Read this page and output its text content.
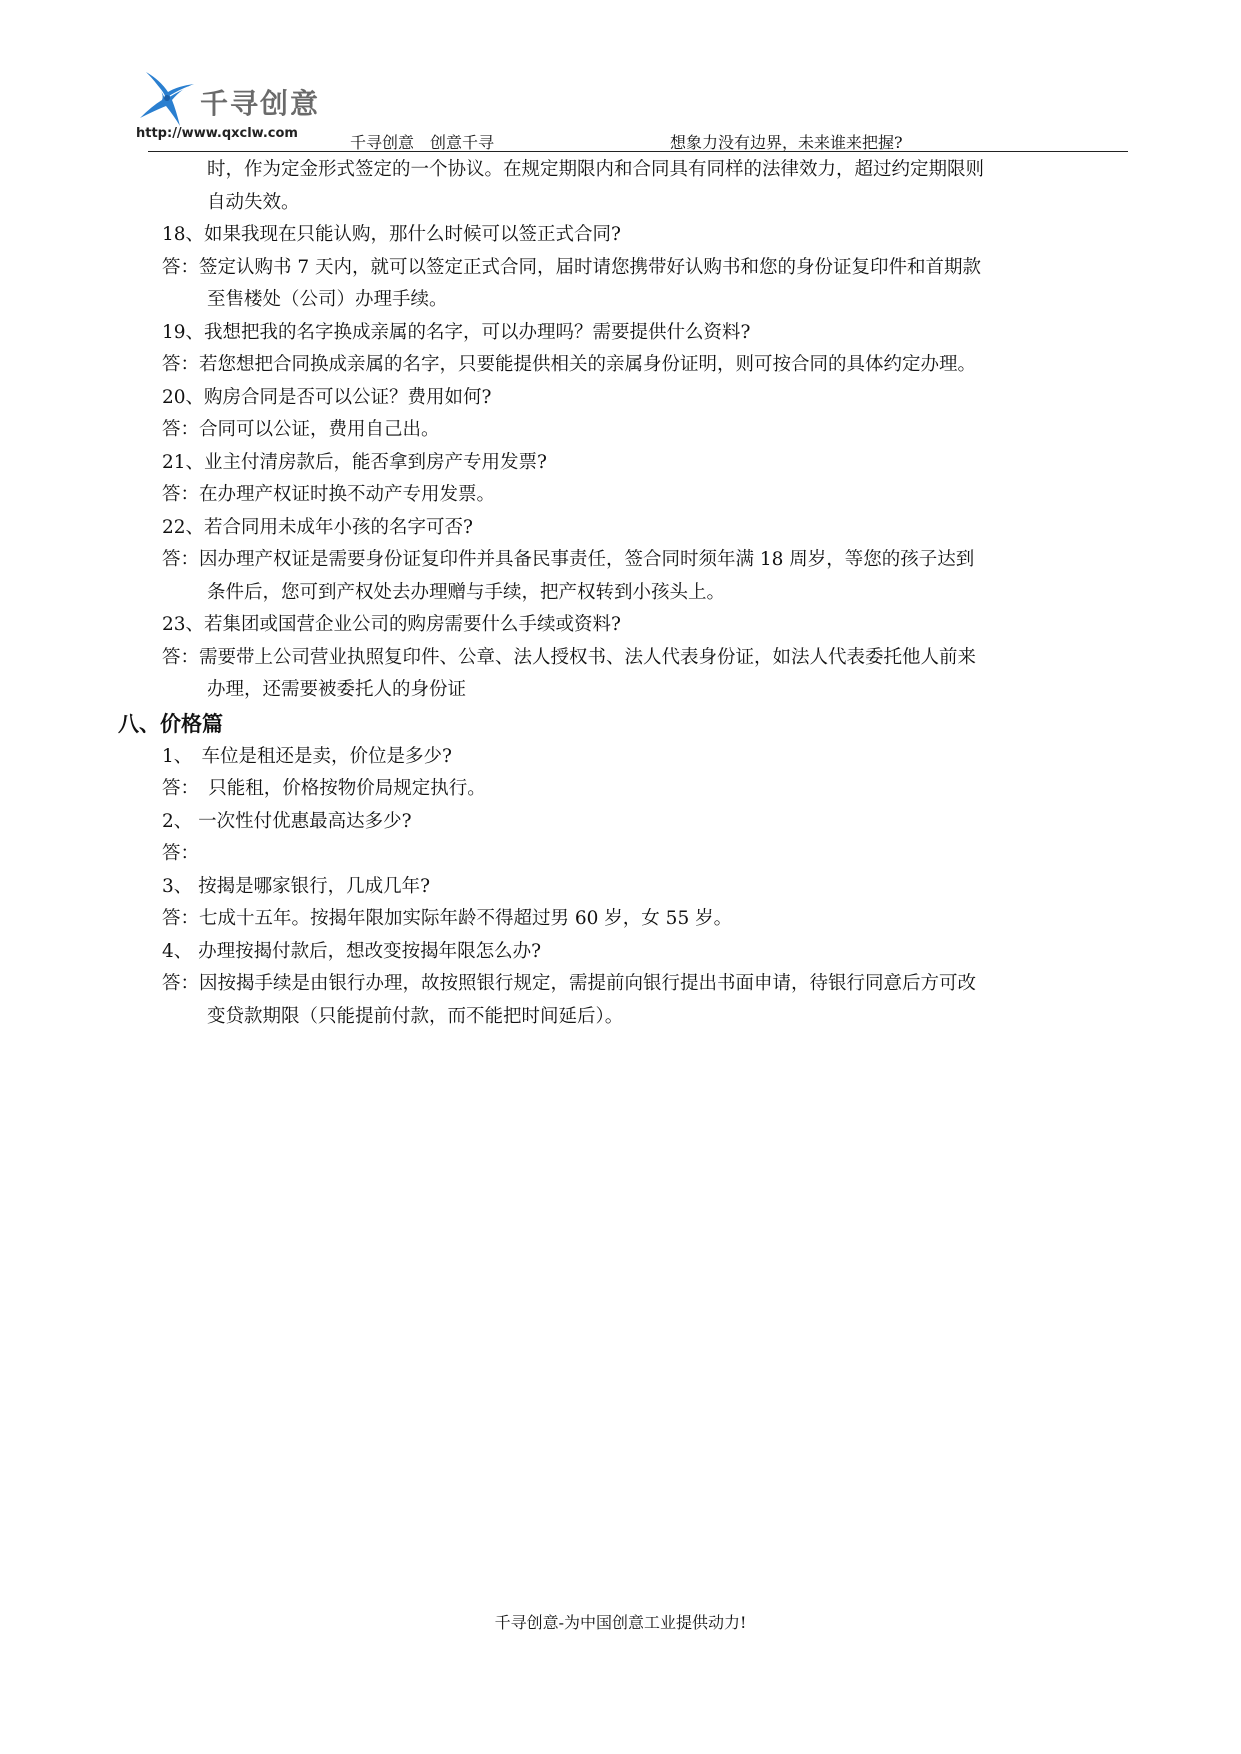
千寻创意
http://www.qxclw.com	千寻创意　创意千寻	想象力没有边界，未来谁来把握?
时，作为定金形式签定的一个协议。在规定期限内和合同具有同样的法律效力，超过约定期限则
自动失效。
18、如果我现在只能认购，那什么时候可以签正式合同?
答：签定认购书 7 天内，就可以签定正式合同，届时请您携带好认购书和您的身份证复印件和首期款
至售楼处（公司）办理手续。
19、我想把我的名字换成亲属的名字，可以办理吗？需要提供什么资料?
答：若您想把合同换成亲属的名字，只要能提供相关的亲属身份证明，则可按合同的具体约定办理。
20、购房合同是否可以公证？费用如何?
答：合同可以公证，费用自己出。
21、业主付清房款后，能否拿到房产专用发票?
答：在办理产权证时换不动产专用发票。
22、若合同用未成年小孩的名字可否?
答：因办理产权证是需要身份证复印件并具备民事责任，签合同时须年满 18 周岁，等您的孩子达到
条件后，您可到产权处去办理赠与手续，把产权转到小孩头上。
23、若集团或国营企业公司的购房需要什么手续或资料?
答：需要带上公司营业执照复印件、公章、法人授权书、法人代表身份证，如法人代表委托他人前来
办理，还需要被委托人的身份证
八、价格篇
1、　车位是租还是卖，价位是多少?
答：　只能租，价格按物价局规定执行。
2、 一次性付优惠最高达多少?
答：
3、 按揭是哪家银行，几成几年?
答：七成十五年。按揭年限加实际年龄不得超过男 60 岁，女 55 岁。
4、 办理按揭付款后，想改变按揭年限怎么办?
答：因按揭手续是由银行办理，故按照银行规定，需提前向银行提出书面申请，待银行同意后方可改
变贷款期限（只能提前付款，而不能把时间延后）。
千寻创意-为中国创意工业提供动力!
